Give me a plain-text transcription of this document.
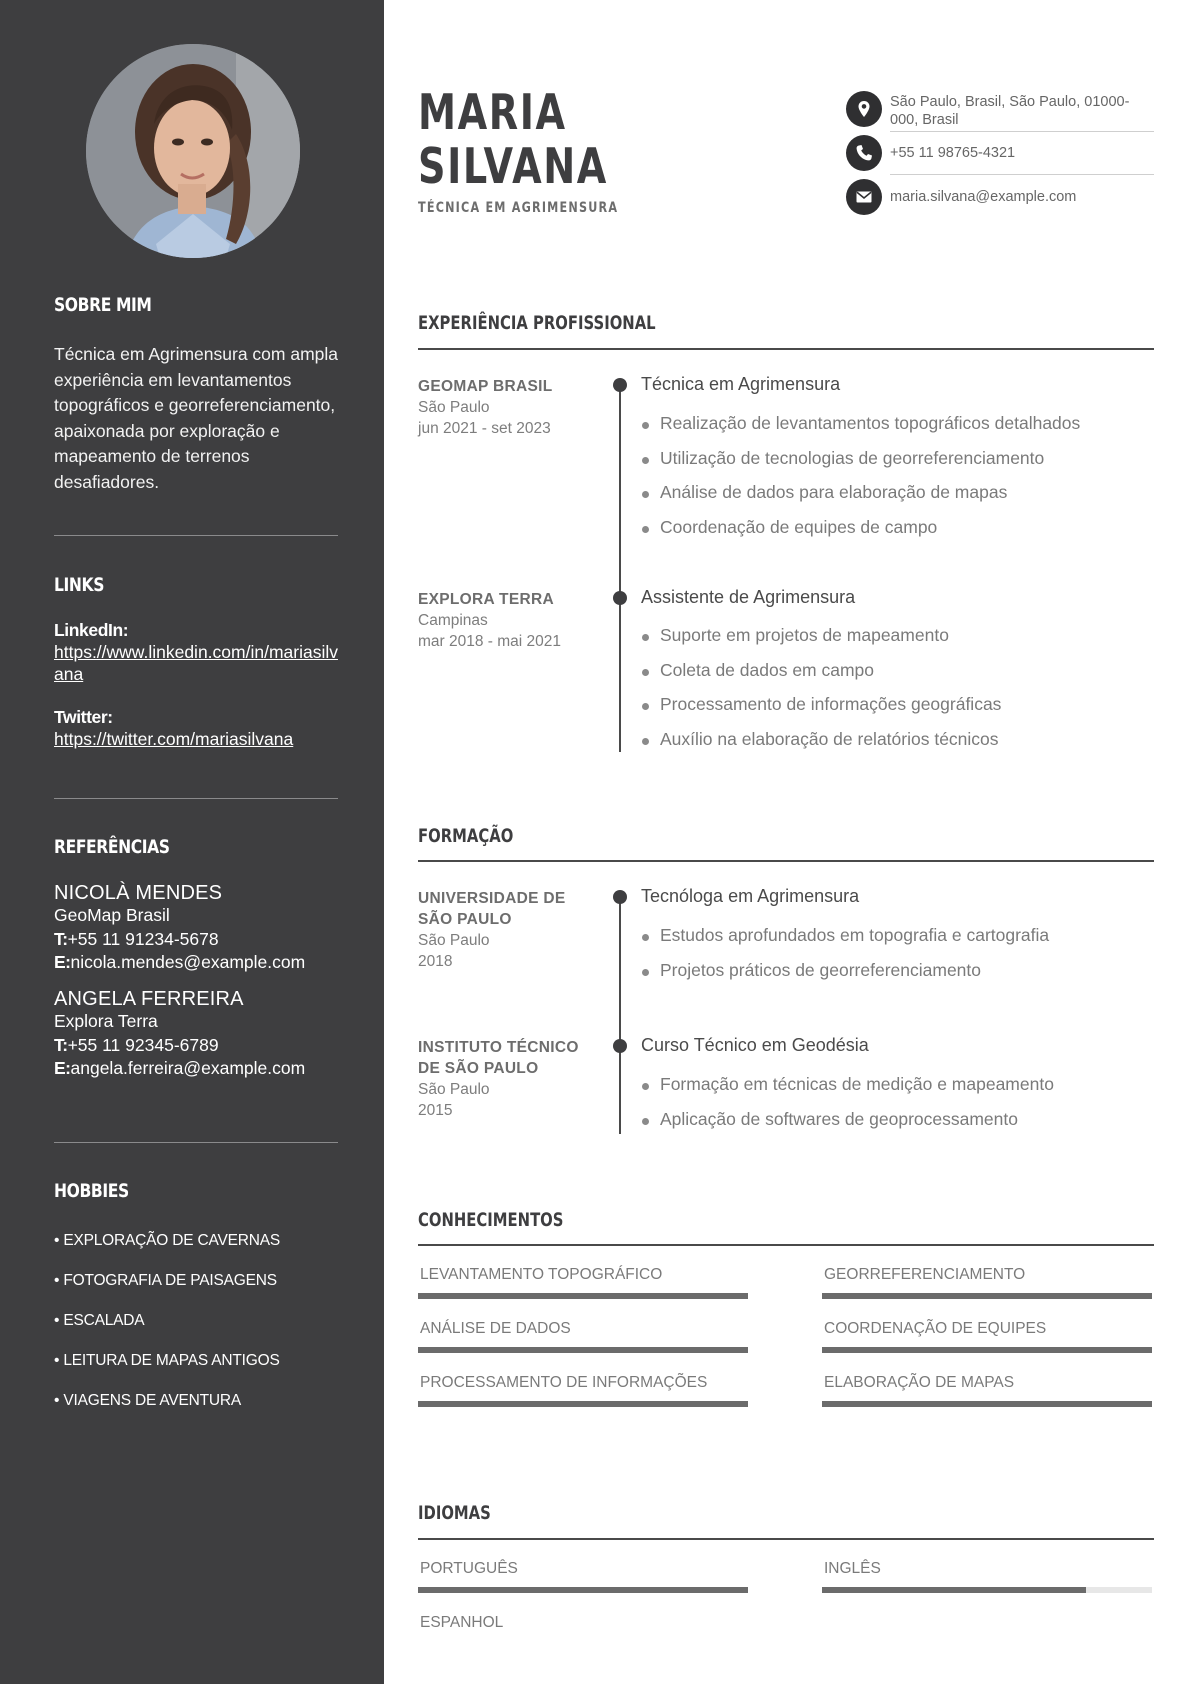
SOBRE MIM

Técnica em Agrimensura com ampla experiência em levantamentos topográficos e georreferenciamento, apaixonada por exploração e mapeamento de terrenos desafiadores.

LINKS
LinkedIn:
https://www.linkedin.com/in/mariasilvana
Twitter:
https://twitter.com/mariasilvana
REFERÊNCIAS
NICOLÀ MENDES
GeoMap Brasil
T:+55 11 91234-5678
E:nicola.mendes@example.com
ANGELA FERREIRA
Explora Terra
T:+55 11 92345-6789
E:angela.ferreira@example.com
HOBBIES

• EXPLORAÇÃO DE CAVERNAS

• FOTOGRAFIA DE PAISAGENS

• ESCALADA

• LEITURA DE MAPAS ANTIGOS

• VIAGENS DE AVENTURA

MARIA
SILVANA
TÉCNICA EM AGRIMENSURA
São Paulo, Brasil, São Paulo, 01000-000, Brasil
+55 11 98765-4321
maria.silvana@example.com
EXPERIÊNCIA PROFISSIONAL
GEOMAP BRASIL
São Paulo
jun 2021 - set 2023
Técnica em Agrimensura
Realização de levantamentos topográficos detalhados
Utilização de tecnologias de georreferenciamento
Análise de dados para elaboração de mapas
Coordenação de equipes de campo
EXPLORA TERRA
Campinas
mar 2018 - mai 2021
Assistente de Agrimensura
Suporte em projetos de mapeamento
Coleta de dados em campo
Processamento de informações geográficas
Auxílio na elaboração de relatórios técnicos
FORMAÇÃO
UNIVERSIDADE DE
SÃO PAULO
São Paulo
2018
Tecnóloga em Agrimensura
Estudos aprofundados em topografia e cartografia
Projetos práticos de georreferenciamento
INSTITUTO TÉCNICO
DE SÃO PAULO
São Paulo
2015
Curso Técnico em Geodésia
Formação em técnicas de medição e mapeamento
Aplicação de softwares de geoprocessamento
CONHECIMENTOS
LEVANTAMENTO TOPOGRÁFICO	GEORREFERENCIAMENTO
ANÁLISE DE DADOS	COORDENAÇÃO DE EQUIPES
PROCESSAMENTO DE INFORMAÇÕES	ELABORAÇÃO DE MAPAS
IDIOMAS
PORTUGUÊS	INGLÊS
ESPANHOL
